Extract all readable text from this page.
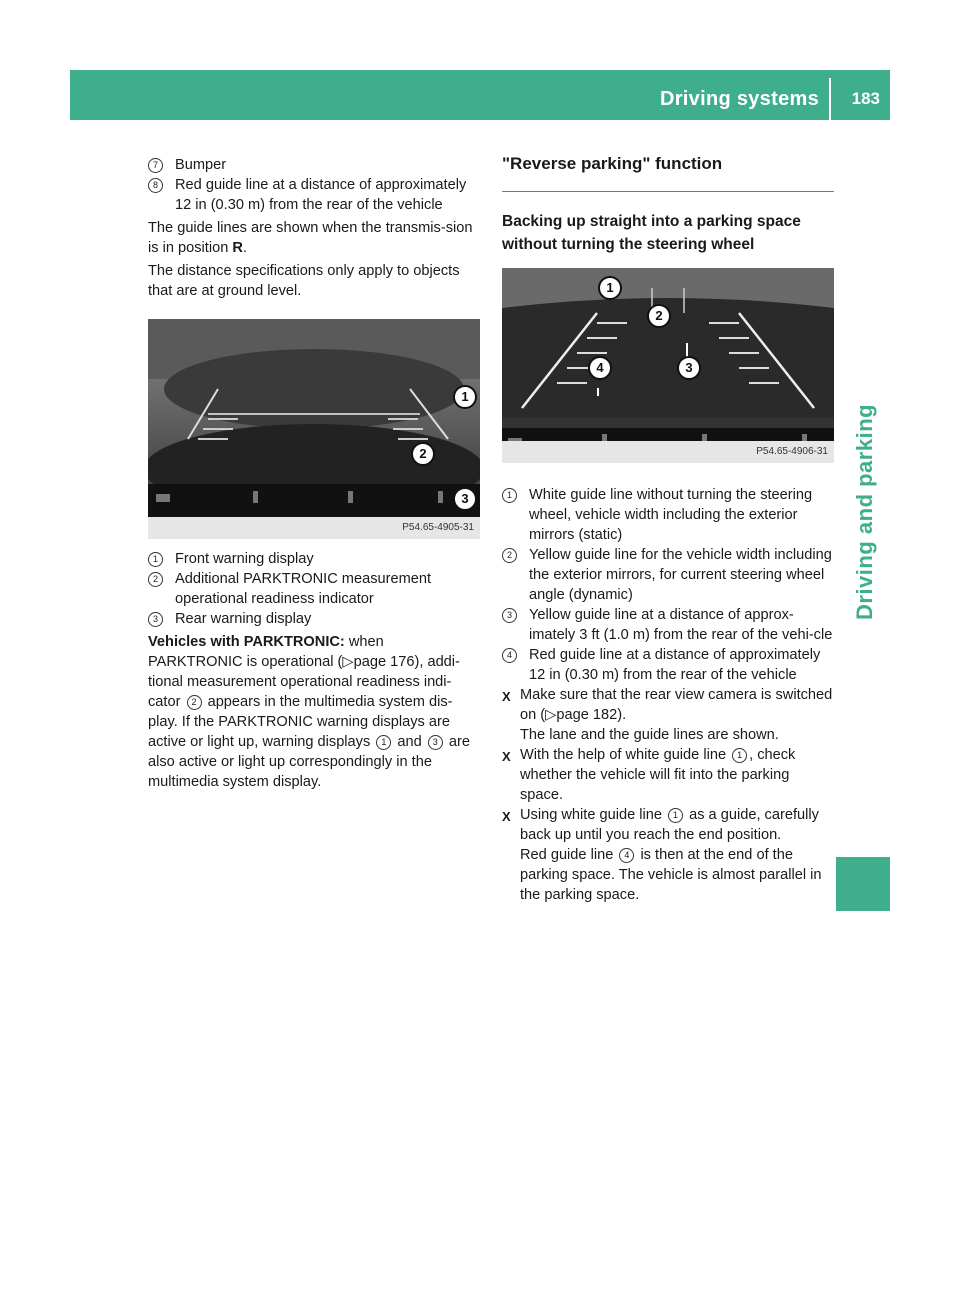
Driving systems 183
Driving and parking
7	Bumper
8	Red guide line at a distance of approximately 12 in (0.30 m) from the rear of the vehicle

The guide lines are shown when the transmis-sion is in position R.

The distance specifications only apply to objects that are at ground level.

1
2
3
P54.65-4905-31
1	Front warning display
2	Additional PARKTRONIC measurement operational readiness indicator
3	Rear warning display

Vehicles with PARKTRONIC: when PARKTRONIC is operational (▷page 176), addi-tional measurement operational readiness indi-cator 2 appears in the multimedia system dis-play. If the PARKTRONIC warning displays are active or light up, warning displays 1 and 3 are also active or light up correspondingly in the multimedia system display.

"Reverse parking" function
Backing up straight into a parking space without turning the steering wheel
1
2
3
4
P54.65-4906-31
1	White guide line without turning the steering wheel, vehicle width including the exterior mirrors (static)
2	Yellow guide line for the vehicle width including the exterior mirrors, for current steering wheel angle (dynamic)
3	Yellow guide line at a distance of approx-imately 3 ft (1.0 m) from the rear of the vehi-cle
4	Red guide line at a distance of approximately 12 in (0.30 m) from the rear of the vehicle
X Make sure that the rear view camera is switched on (▷page 182).
The lane and the guide lines are shown.
X With the help of white guide line 1 , check whether the vehicle will fit into the parking space.
X Using white guide line 1 as a guide, carefully back up until you reach the end position.
Red guide line 4 is then at the end of the parking space. The vehicle is almost parallel in the parking space.
